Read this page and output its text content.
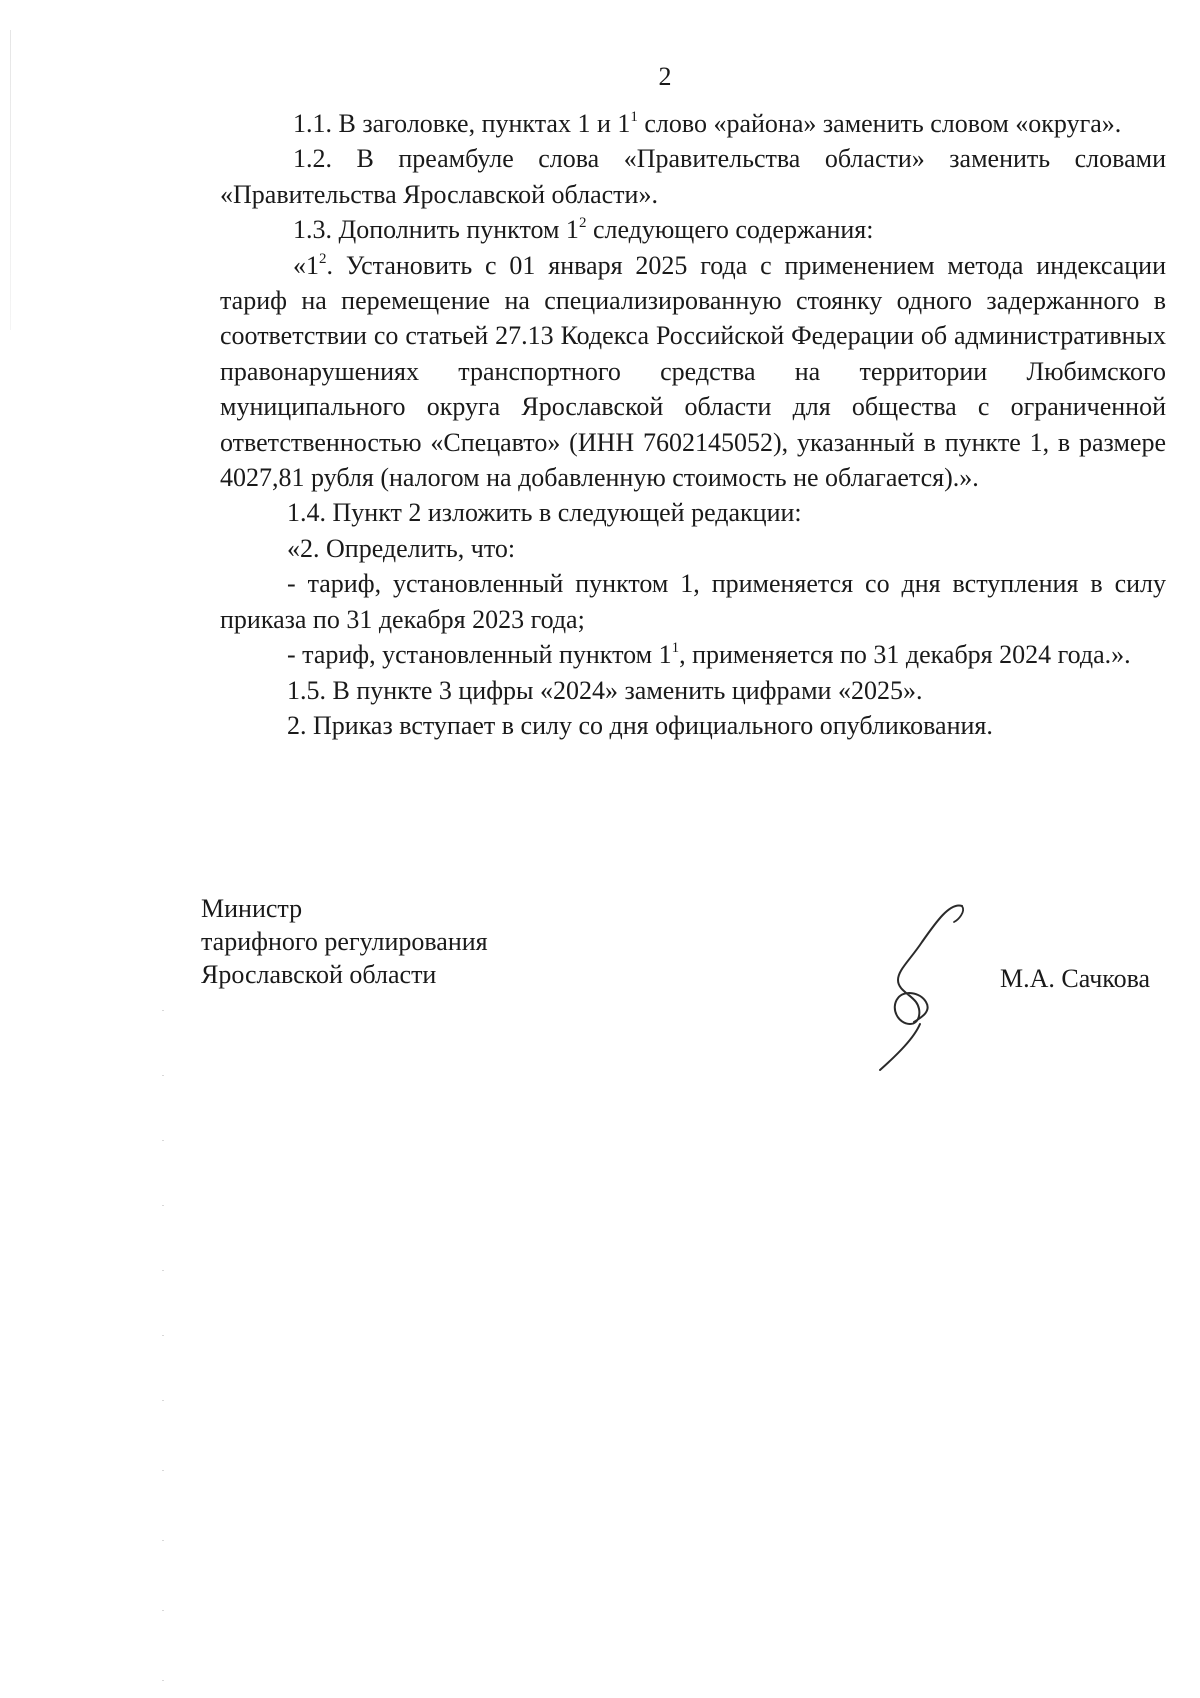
2

1.1. В заголовке, пунктах 1 и $1^1$ слово «района» заменить словом «округа».

1.2. В преамбуле слова «Правительства области» заменить словами «Правительства Ярославской области».

1.3. Дополнить пунктом $1^2$ следующего содержания:

«$1^2$. Установить с 01 января 2025 года с применением метода индексации тариф на перемещение на специализированную стоянку одного задержанного в соответствии со статьей 27.13 Кодекса Российской Федерации об административных правонарушениях транспортного средства на территории Любимского муниципального округа Ярославской области для общества с ограниченной ответственностью «Спецавто» (ИНН 7602145052), указанный в пункте 1, в размере 4027,81 рубля (налогом на добавленную стоимость не облагается).».

1.4. Пункт 2 изложить в следующей редакции:

«2. Определить, что:

- тариф, установленный пунктом 1, применяется со дня вступления в силу приказа по 31 декабря 2023 года;

- тариф, установленный пунктом $1^1$, применяется по 31 декабря 2024 года.».

1.5. В пункте 3 цифры «2024» заменить цифрами «2025».

2. Приказ вступает в силу со дня официального опубликования.

Министр
тарифного регулирования
Ярославской области	М.А. Сачкова
